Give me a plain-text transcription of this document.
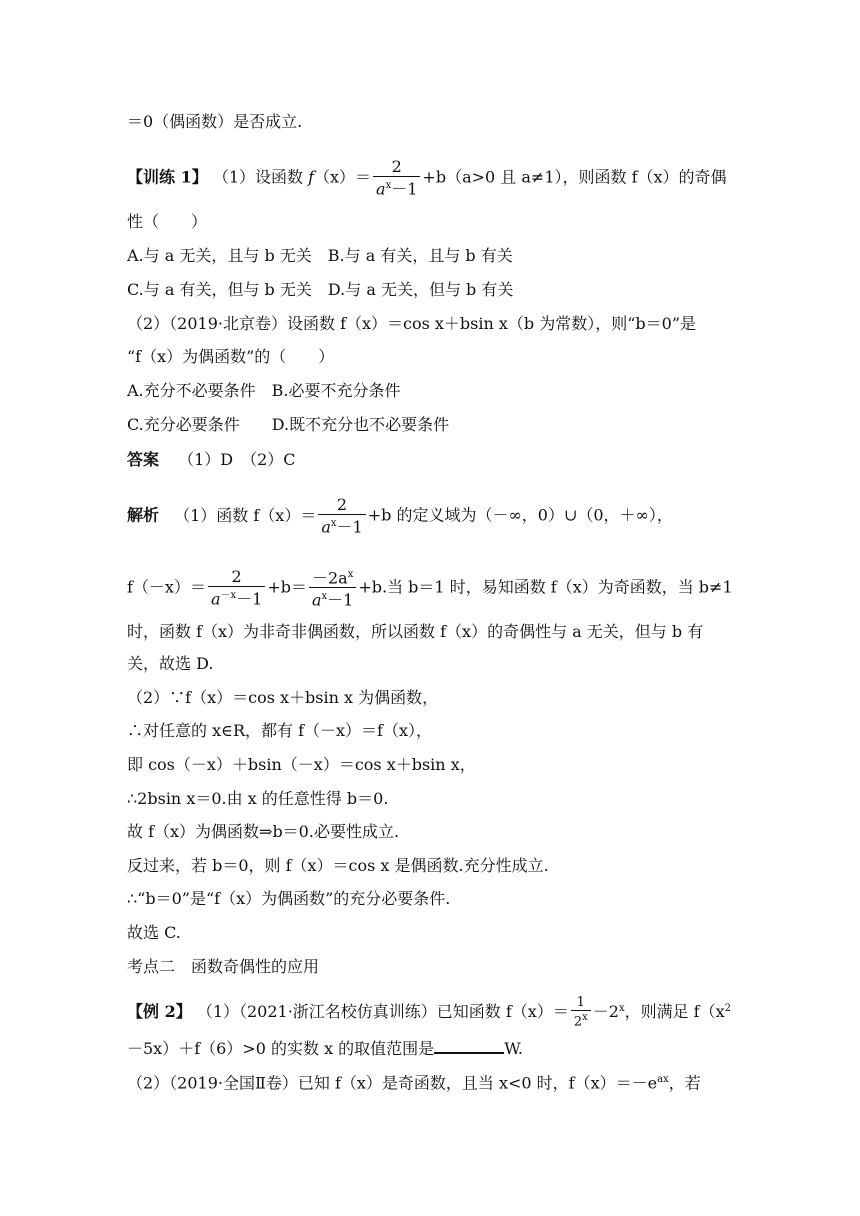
＝0（偶函数）是否成立.
【训练 1】 （1）设函数 $f(x)= \frac{2}{a^x-1} +b(a>0$ 且 a≠1），则函数 f（x）的奇偶
性（　　）
A.与 a 无关，且与 b 无关　B.与 a 有关，且与 b 有关
C.与 a 有关，但与 b 无关　D.与 a 无关，但与 b 有关
（2）（2019·北京卷）设函数 f（x）＝cos x＋bsin x（b 为常数），则“b＝0”是
“f（x）为偶函数”的（　　）
A.充分不必要条件　B.必要不充分条件
C.充分必要条件　　D.既不充分也不必要条件
答案 （1）D　（2）C
解析 （1）函数 $f(x)= \frac{2}{a^x-1} +b$ 的定义域为（－∞，0）∪（0，＋∞），
$f(-x)= \frac{2}{a^{-x}-1} +b= \frac{-2a^x}{a^x-1} +b$.当 b＝1 时，易知函数 f（x）为奇函数，当 b≠1
时，函数 f（x）为非奇非偶函数，所以函数 f（x）的奇偶性与 a 无关，但与 b 有
关，故选 D.
（2）∵f（x）＝cos x＋bsin x 为偶函数，
∴对任意的 x∈R，都有 f（－x）＝f（x），
即 cos（－x）＋bsin（－x）＝cos x＋bsin x，
∴2bsin x＝0.由 x 的任意性得 b＝0.
故 f（x）为偶函数⇒b＝0.必要性成立.
反过来，若 b＝0，则 f（x）＝cos x 是偶函数.充分性成立.
∴“b＝0”是“f（x）为偶函数”的充分必要条件.
故选 C.
考点二　函数奇偶性的应用
【例 2】 （1）（2021·浙江名校仿真训练）已知函数 $f(x)= \frac{1}{2^x} -2^x$，则满足 $f(x^2$
－5x）＋f（6）>0 的实数 x 的取值范围是	W.
（2）（2019·全国Ⅱ卷）已知 f（x）是奇函数，且当 x<0 时，$f(x)=-e^{ax}$，若
